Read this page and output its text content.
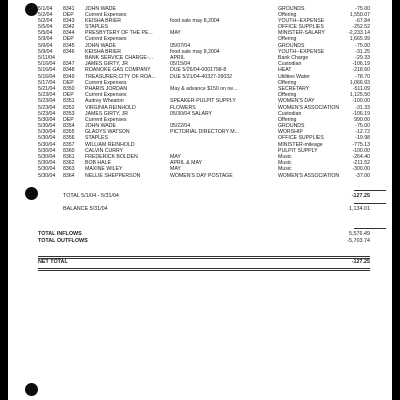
5/1/04	8341	JOHN WADE	GROUNDS	-75.00
5/2/04	DEP	Current Expenses	Offering	1,550.07
5/2/04	8343	KEISHA BRIER	food sale may 8,2004	YOUTH--EXPENSE	-67.84
5/5/04	8342	STAPLES	OFFICE SUPPLIES	-252.52
5/5/04	8344	PRESBYTERY OF THE PE...	MAY	MINISTER-SALARY	-2,233.14
5/9/04	DEP	Current Expenses	Offering	1,665.99
5/9/04	8345	JOHN WADE	05/07/04	GROUNDS	-75.00
5/9/04	8346	KEISHA BRIER	food sale may 8,2004	YOUTH--EXPENSE	-31.25
5/11/04	BANK SERVICE CHARGE-...	APRIL	Bank Charge	-29.33
5/16/04	8347	JAMES GIRTY, JR	05/15/04	Custodian	-106.19
5/16/04	8348	ROANOKE GAS COMPANY	DUE 5/26/04-0001798-8	HEAT	-218.60
5/16/04	8349	TREASURER,CITY OF ROA...	DUE 5/21/04-40327-26032	Utilities Water	-78.70
5/17/04	DEP	Current Expenses	Offering	1,066.93
5/21/04	8350	PHARIS JORDAN	May & advance $150 on ne...	SECRETARY	-511.09
5/23/04	DEP	Current Expenses	Offering	1,125.50
5/23/04	8351	Audrey Wheaton	SPEAKER-PULPIT SUPPLY	WOMEN'S DAY	-100.00
5/23/04	8352	VIRGINIA REINHOLD	FLOWERS	WOMEN'S ASSOCIATION	-31.33
5/23/04	8353	JAMES GIRTY, JR	05/30/04 SALARY	Custodian	-106.19
5/30/04	DEP	Current Expenses	Offering	990.00
5/30/04	8354	JOHN WADE	05/22/04	GROUNDS	-75.00
5/30/04	8355	GLADYS WATSON	PICTORIAL DIRECTORY M...	WORSHIP	-12.72
5/30/04	8356	STAPLES	OFFICE SUPPLIES	-19.98
5/30/04	8357	WILLIAM REINHOLD	MINISTER-mileage	-775.13
5/30/04	8360	CALVIN CURRY	PULPIT SUPPLY	-100.00
5/30/04	8361	FREDERICK BOLDEN	MAY	Music	-264.40
5/30/04	8362	BOB HALE	APRIL & MAY	Music	-211.52
5/30/04	8363	MAXINE WILEY	MAY	Music	-300.00
5/30/04	8364	NELLIE SHEPPERSON	WOMEN'S DAY POSTAGE	WOMEN'S ASSOCIATION	-37.00
TOTAL 5/1/04 - 5/31/04	-127.25
BALANCE 5/31/04	1,134.01
TOTAL INFLOWS	5,576.49
TOTAL OUTFLOWS	-5,703.74
NET TOTAL	-127.25
